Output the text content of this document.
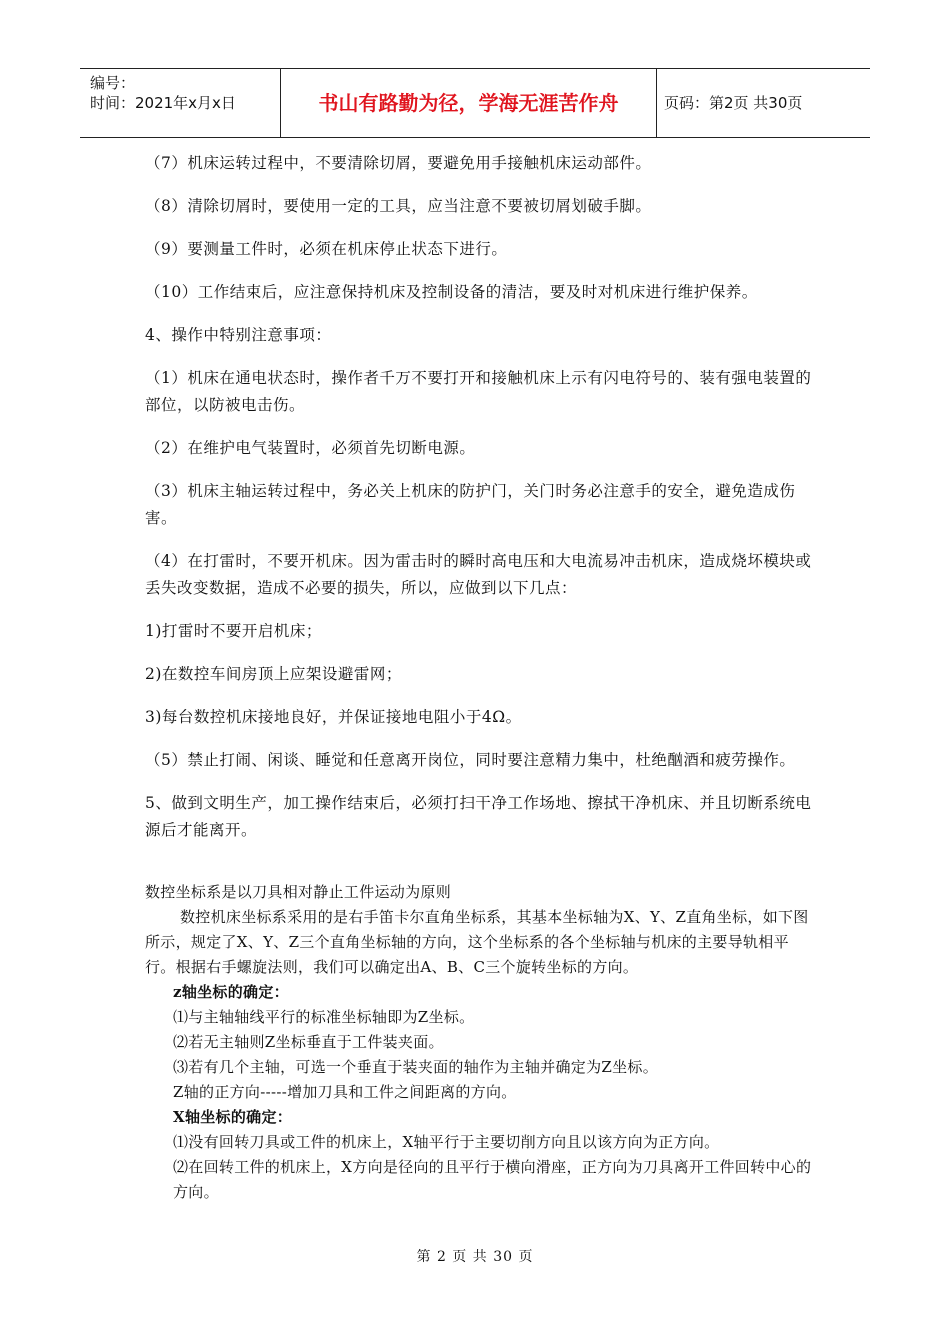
编号：
时间：2021年x月x日	书山有路勤为径，学海无涯苦作舟	页码：第2页 共30页

（7）机床运转过程中，不要清除切屑，要避免用手接触机床运动部件。

（8）清除切屑时，要使用一定的工具，应当注意不要被切屑划破手脚。

（9）要测量工件时，必须在机床停止状态下进行。

（10）工作结束后，应注意保持机床及控制设备的清洁，要及时对机床进行维护保养。

4、操作中特别注意事项：

（1）机床在通电状态时，操作者千万不要打开和接触机床上示有闪电符号的、装有强电装置的部位，以防被电击伤。

（2）在维护电气装置时，必须首先切断电源。

（3）机床主轴运转过程中，务必关上机床的防护门，关门时务必注意手的安全，避免造成伤害。

（4）在打雷时，不要开机床。因为雷击时的瞬时高电压和大电流易冲击机床，造成烧坏模块或丢失改变数据，造成不必要的损失，所以，应做到以下几点：

1)打雷时不要开启机床；

2)在数控车间房顶上应架设避雷网；

3)每台数控机床接地良好，并保证接地电阻小于4Ω。

（5）禁止打闹、闲谈、睡觉和任意离开岗位，同时要注意精力集中，杜绝酗酒和疲劳操作。

5、做到文明生产，加工操作结束后，必须打扫干净工作场地、擦拭干净机床、并且切断系统电源后才能离开。

数控坐标系是以刀具相对静止工件运动为原则

数控机床坐标系采用的是右手笛卡尔直角坐标系，其基本坐标轴为X、Y、Z直角坐标，如下图所示，规定了X、Y、Z三个直角坐标轴的方向，这个坐标系的各个坐标轴与机床的主要导轨相平行。根据右手螺旋法则，我们可以确定出A、B、C三个旋转坐标的方向。

z轴坐标的确定：

⑴与主轴轴线平行的标准坐标轴即为Z坐标。

⑵若无主轴则Z坐标垂直于工件装夹面。

⑶若有几个主轴，可选一个垂直于装夹面的轴作为主轴并确定为Z坐标。

Z轴的正方向-----增加刀具和工件之间距离的方向。

X轴坐标的确定：

⑴没有回转刀具或工件的机床上，X轴平行于主要切削方向且以该方向为正方向。

⑵在回转工件的机床上，X方向是径向的且平行于横向滑座，正方向为刀具离开工件回转中心的方向。

第 2 页 共 30 页
